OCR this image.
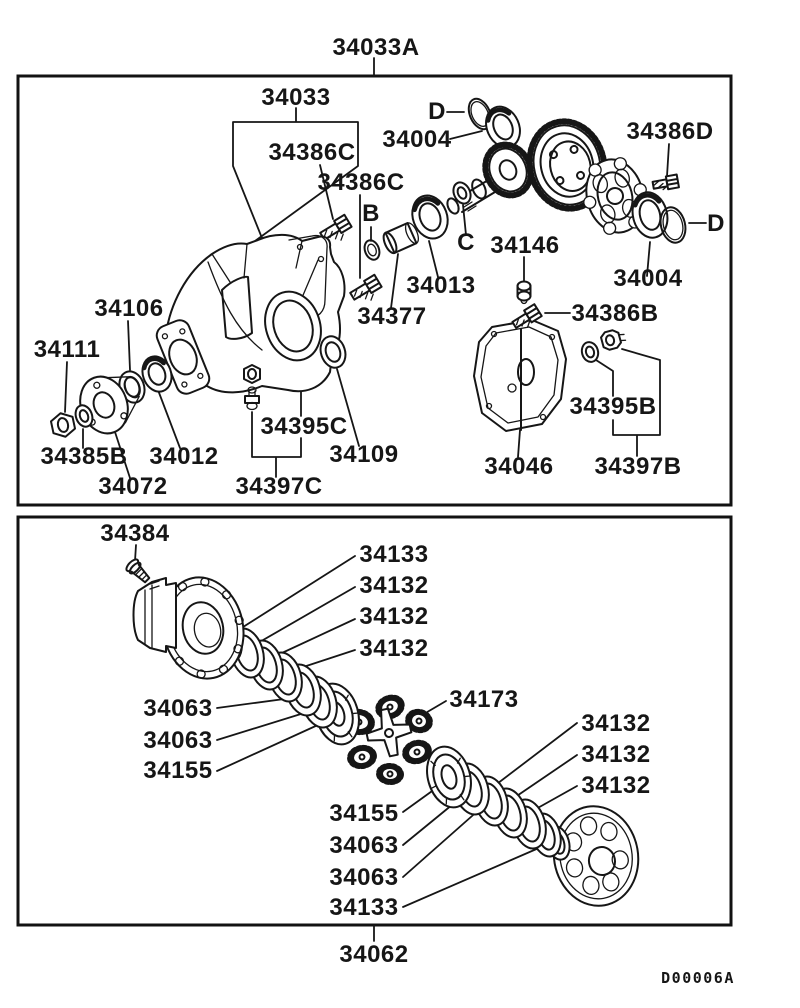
34033A
34033
34386C
34386C
B
34004
D
34386D
D
34004
34013
34146
34377	34386B
34106
34111
34385B 34012
34072
34395C
34109
34397C
34046
34395B
34397B
C
34384
34133
34132
34132
34132
34063
34063
34155
34173
34132
34132
34132
34155
34063
34063
34133
34062
D00006A
